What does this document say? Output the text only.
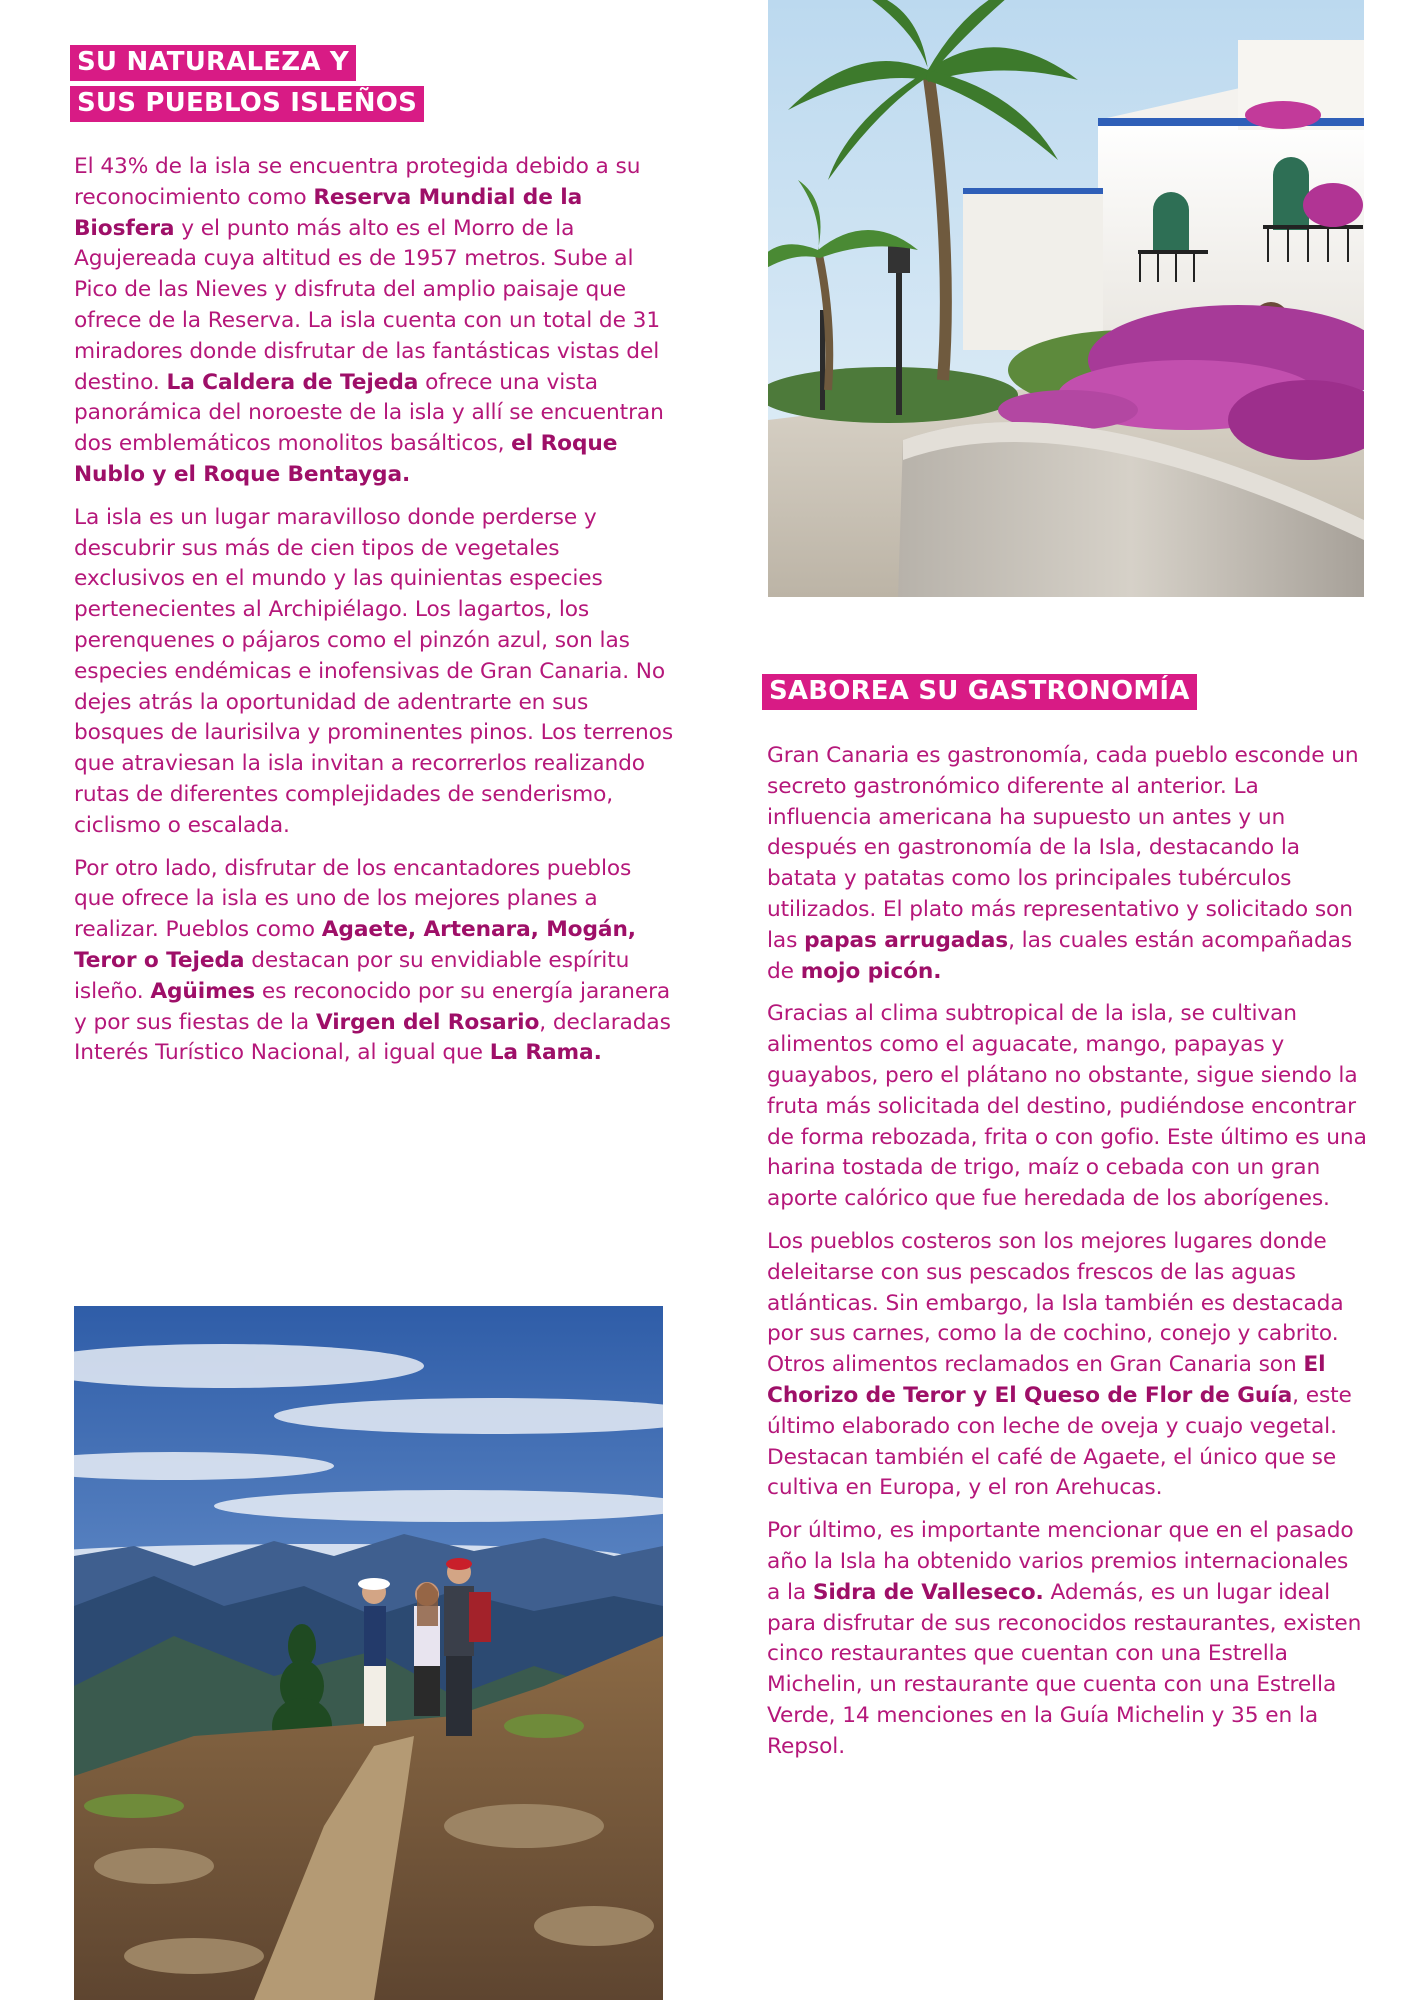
SU NATURALEZA Y
SUS PUEBLOS ISLEÑOS

El 43% de la isla se encuentra protegida debido a su reconocimiento como Reserva Mundial de la Biosfera y el punto más alto es el Morro de la Agujereada cuya altitud es de 1957 metros. Sube al Pico de las Nieves y disfruta del amplio paisaje que ofrece de la Reserva. La isla cuenta con un total de 31 miradores donde disfrutar de las fantásticas vistas del destino. La Caldera de Tejeda ofrece una vista panorámica del noroeste de la isla y allí se encuentran dos emblemáticos monolitos basálticos, el Roque Nublo y el Roque Bentayga.

La isla es un lugar maravilloso donde perderse y descubrir sus más de cien tipos de vegetales exclusivos en el mundo y las quinientas especies pertenecientes al Archipiélago. Los lagartos, los perenquenes o pájaros como el pinzón azul, son las especies endémicas e inofensivas de Gran Canaria. No dejes atrás la oportunidad de adentrarte en sus bosques de laurisilva y prominentes pinos. Los terrenos que atraviesan la isla invitan a recorrerlos realizando rutas de diferentes complejidades de senderismo, ciclismo o escalada.

Por otro lado, disfrutar de los encantadores pueblos que ofrece la isla es uno de los mejores planes a realizar. Pueblos como Agaete, Artenara, Mogán, Teror o Tejeda destacan por su envidiable espíritu isleño. Agüimes es reconocido por su energía jaranera y por sus fiestas de la Virgen del Rosario, declaradas Interés Turístico Nacional, al igual que La Rama.

SABOREA SU GASTRONOMÍA

Gran Canaria es gastronomía, cada pueblo esconde un secreto gastronómico diferente al anterior. La influencia americana ha supuesto un antes y un después en gastronomía de la Isla, destacando la batata y patatas como los principales tubérculos utilizados. El plato más representativo y solicitado son las papas arrugadas, las cuales están acompañadas de mojo picón.

Gracias al clima subtropical de la isla, se cultivan alimentos como el aguacate, mango, papayas y guayabos, pero el plátano no obstante, sigue siendo la fruta más solicitada del destino, pudiéndose encontrar de forma rebozada, frita o con gofio. Este último es una harina tostada de trigo, maíz o cebada con un gran aporte calórico que fue heredada de los aborígenes.

Los pueblos costeros son los mejores lugares donde deleitarse con sus pescados frescos de las aguas atlánticas. Sin embargo, la Isla también es destacada por sus carnes, como la de cochino, conejo y cabrito. Otros alimentos reclamados en Gran Canaria son El Chorizo de Teror y El Queso de Flor de Guía, este último elaborado con leche de oveja y cuajo vegetal. Destacan también el café de Agaete, el único que se cultiva en Europa, y el ron Arehucas.

Por último, es importante mencionar que en el pasado año la Isla ha obtenido varios premios internacionales a la Sidra de Valleseco. Además, es un lugar ideal para disfrutar de sus reconocidos restaurantes, existen cinco restaurantes que cuentan con una Estrella Michelin, un restaurante que cuenta con una Estrella Verde, 14 menciones en la Guía Michelin y 35 en la Repsol.
